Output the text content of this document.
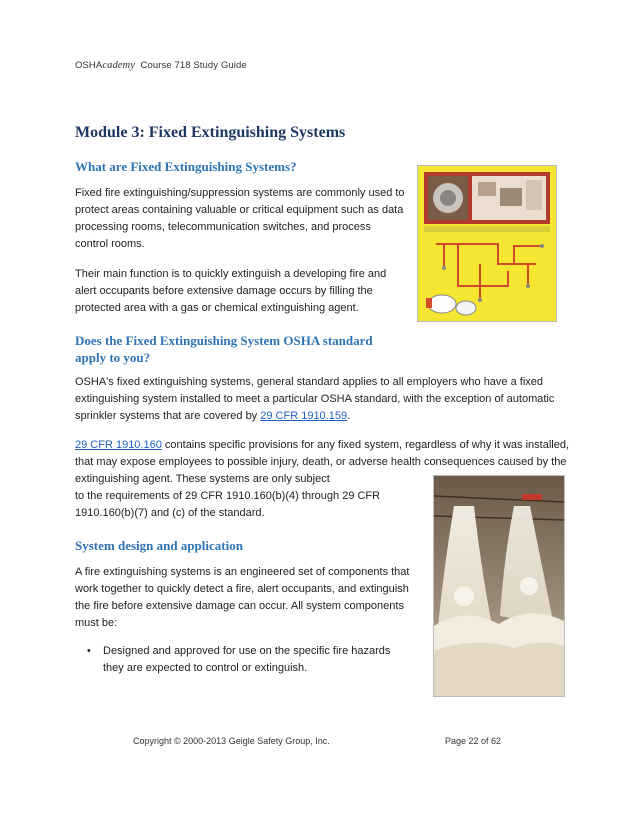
OSHAcademy Course 718 Study Guide
Module 3: Fixed Extinguishing Systems
What are Fixed Extinguishing Systems?

Fixed fire extinguishing/suppression systems are commonly used to protect areas containing valuable or critical equipment such as data processing rooms, telecommunication switches, and process control rooms.

Their main function is to quickly extinguish a developing fire and alert occupants before extensive damage occurs by filling the protected area with a gas or chemical extinguishing agent.

Does the Fixed Extinguishing System OSHA standard
apply to you?

OSHA's fixed extinguishing systems, general standard applies to all employers who have a fixed extinguishing system installed to meet a particular OSHA standard, with the exception of automatic sprinkler systems that are covered by 29 CFR 1910.159.

29 CFR 1910.160 contains specific provisions for any fixed system, regardless of why it was installed, that may expose employees to possible injury, death, or adverse health consequences caused by the extinguishing agent. These systems are only subject

to the requirements of 29 CFR 1910.160(b)(4) through 29 CFR

1910.160(b)(7) and (c) of the standard.

System design and application

A fire extinguishing systems is an engineered set of components that work together to quickly detect a fire, alert occupants, and extinguish the fire before extensive damage can occur. All system components must be:

•	Designed and approved for use on the specific fire hazards they are expected to control or extinguish.

Copyright © 2000-2013 Geigle Safety Group, Inc.	Page 22 of 62
